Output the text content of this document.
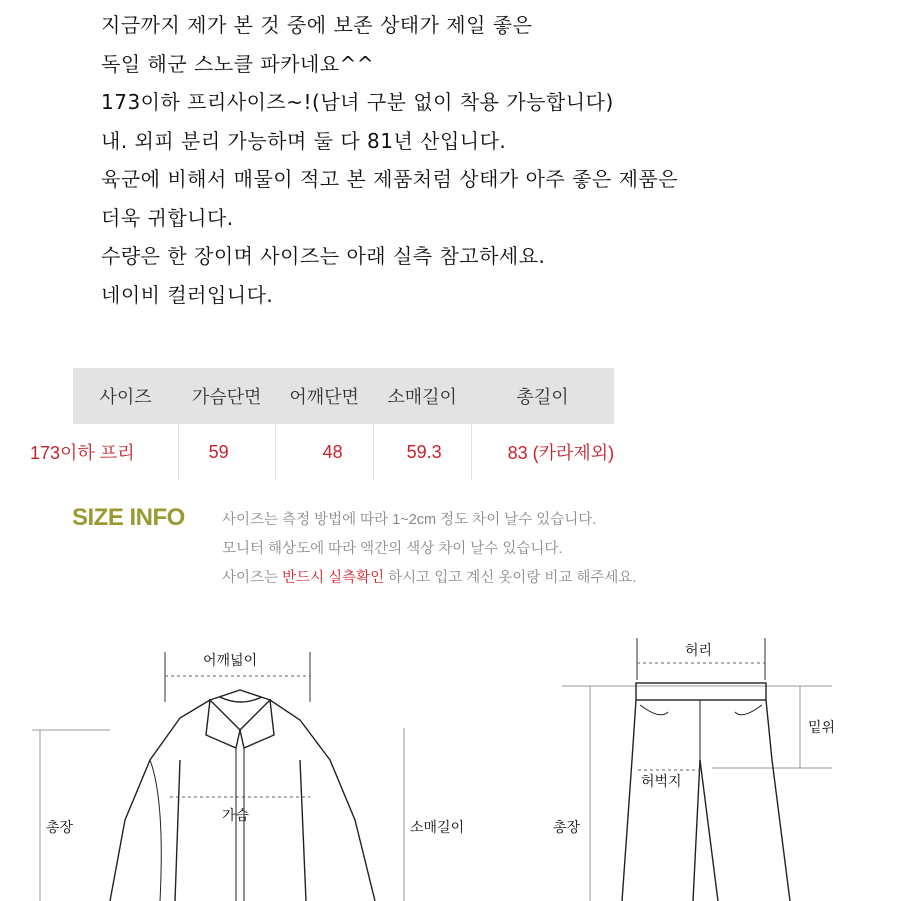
지금까지 제가 본 것 중에 보존 상태가 제일 좋은
독일 해군 스노클 파카네요^^
173이하 프리사이즈~!(남녀 구분 없이 착용 가능합니다)
내. 외피 분리 가능하며 둘 다 81년 산입니다.
육군에 비해서 매물이 적고 본 제품처럼 상태가 아주 좋은 제품은
더욱 귀합니다.
수량은 한 장이며 사이즈는 아래 실측 참고하세요.
네이비 컬러입니다.
사이즈	가슴단면	어깨단면	소매길이	총길이
173이하 프리	59	48	59.3	83 (카라제외)
SIZE INFO	사이즈는 측정 방법에 따라 1~2cm 정도 차이 날수 있습니다.
모니터 해상도에 따라 액간의 색상 차이 날수 있습니다.
사이즈는 반드시 실측확인 하시고 입고 계신 옷이랑 비교 해주세요.
어깨넓이
가슴
총장	소매길이
허리
밑위
허벅지
총장
